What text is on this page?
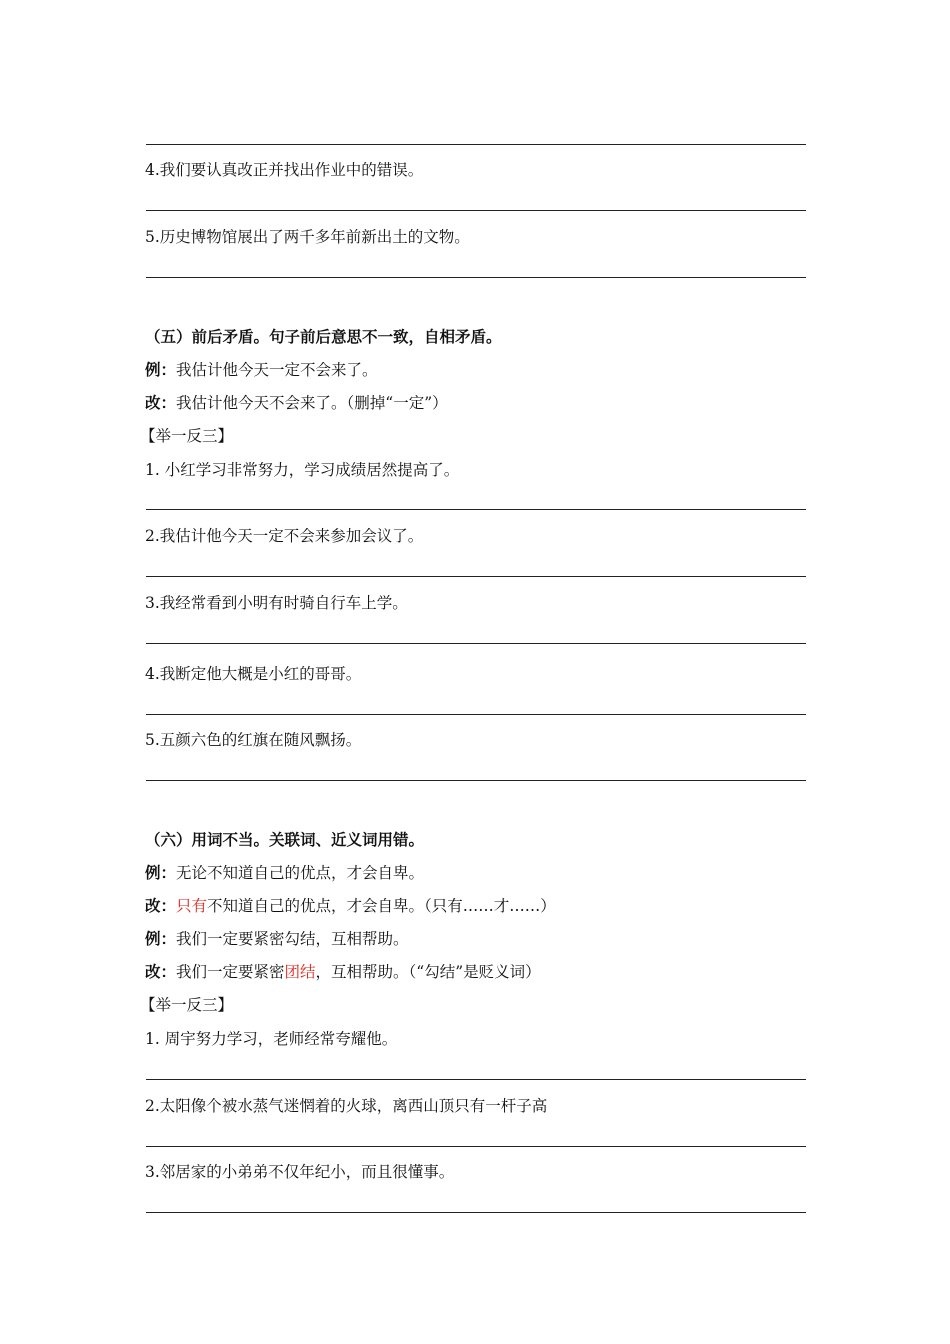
4.我们要认真改正并找出作业中的错误。
5.历史博物馆展出了两千多年前新出土的文物。
（五）前后矛盾。句子前后意思不一致，自相矛盾。
例：我估计他今天一定不会来了。
改：我估计他今天不会来了。（删掉“一定”）
【举一反三】
1. 小红学习非常努力，学习成绩居然提高了。
2.我估计他今天一定不会来参加会议了。
3.我经常看到小明有时骑自行车上学。
4.我断定他大概是小红的哥哥。
5.五颜六色的红旗在随风飘扬。
（六）用词不当。关联词、近义词用错。
例：无论不知道自己的优点，才会自卑。
改：只有不知道自己的优点，才会自卑。（只有……才……）
例：我们一定要紧密勾结，互相帮助。
改：我们一定要紧密团结，互相帮助。（“勾结”是贬义词）
【举一反三】
1. 周宇努力学习，老师经常夸耀他。
2.太阳像个被水蒸气迷惘着的火球，离西山顶只有一杆子高
3.邻居家的小弟弟不仅年纪小，而且很懂事。
